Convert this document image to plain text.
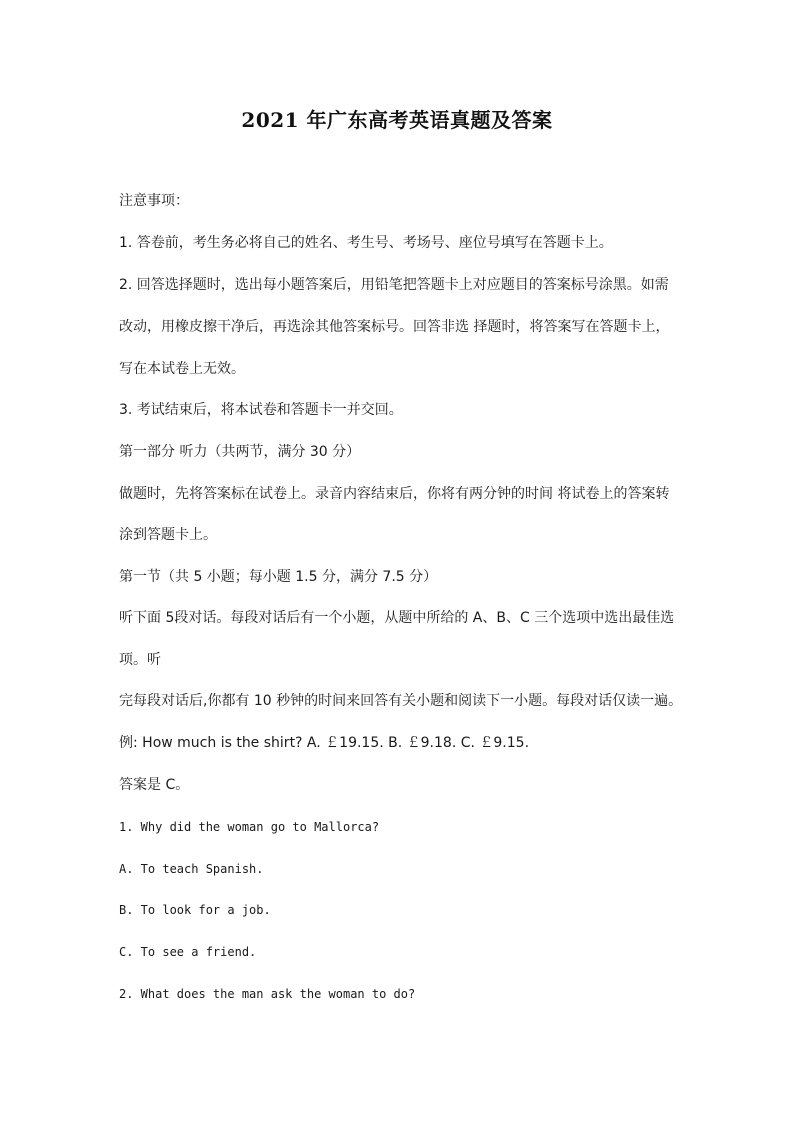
2021 年广东高考英语真题及答案
注意事项：
1. 答卷前，考生务必将自己的姓名、考生号、考场号、座位号填写在答题卡上。
2. 回答选择题时，选出每小题答案后，用铅笔把答题卡上对应题目的答案标号涂黑。如需
改动，用橡皮擦干净后，再选涂其他答案标号。回答非选 择题时，将答案写在答题卡上，
写在本试卷上无效。
3. 考试结束后，将本试卷和答题卡一并交回。
第一部分 听力（共两节，满分 30 分）
做题时，先将答案标在试卷上。录音内容结束后，你将有两分钟的时间 将试卷上的答案转
涂到答题卡上。
第一节（共 5 小题；每小题 1.5 分，满分 7.5 分）
听下面 5段对话。每段对话后有一个小题，从题中所给的 A、B、C 三个选项中选出最佳选
项。听
完每段对话后,你都有 10 秒钟的时间来回答有关小题和阅读下一小题。每段对话仅读一遍。
例: How much is the shirt? A. ￡19.15. B. ￡9.18. C. ￡9.15.
答案是 C。
1. Why did the woman go to Mallorca?
A. To teach Spanish.
B. To look for a job.
C. To see a friend.
2. What does the man ask the woman to do?
